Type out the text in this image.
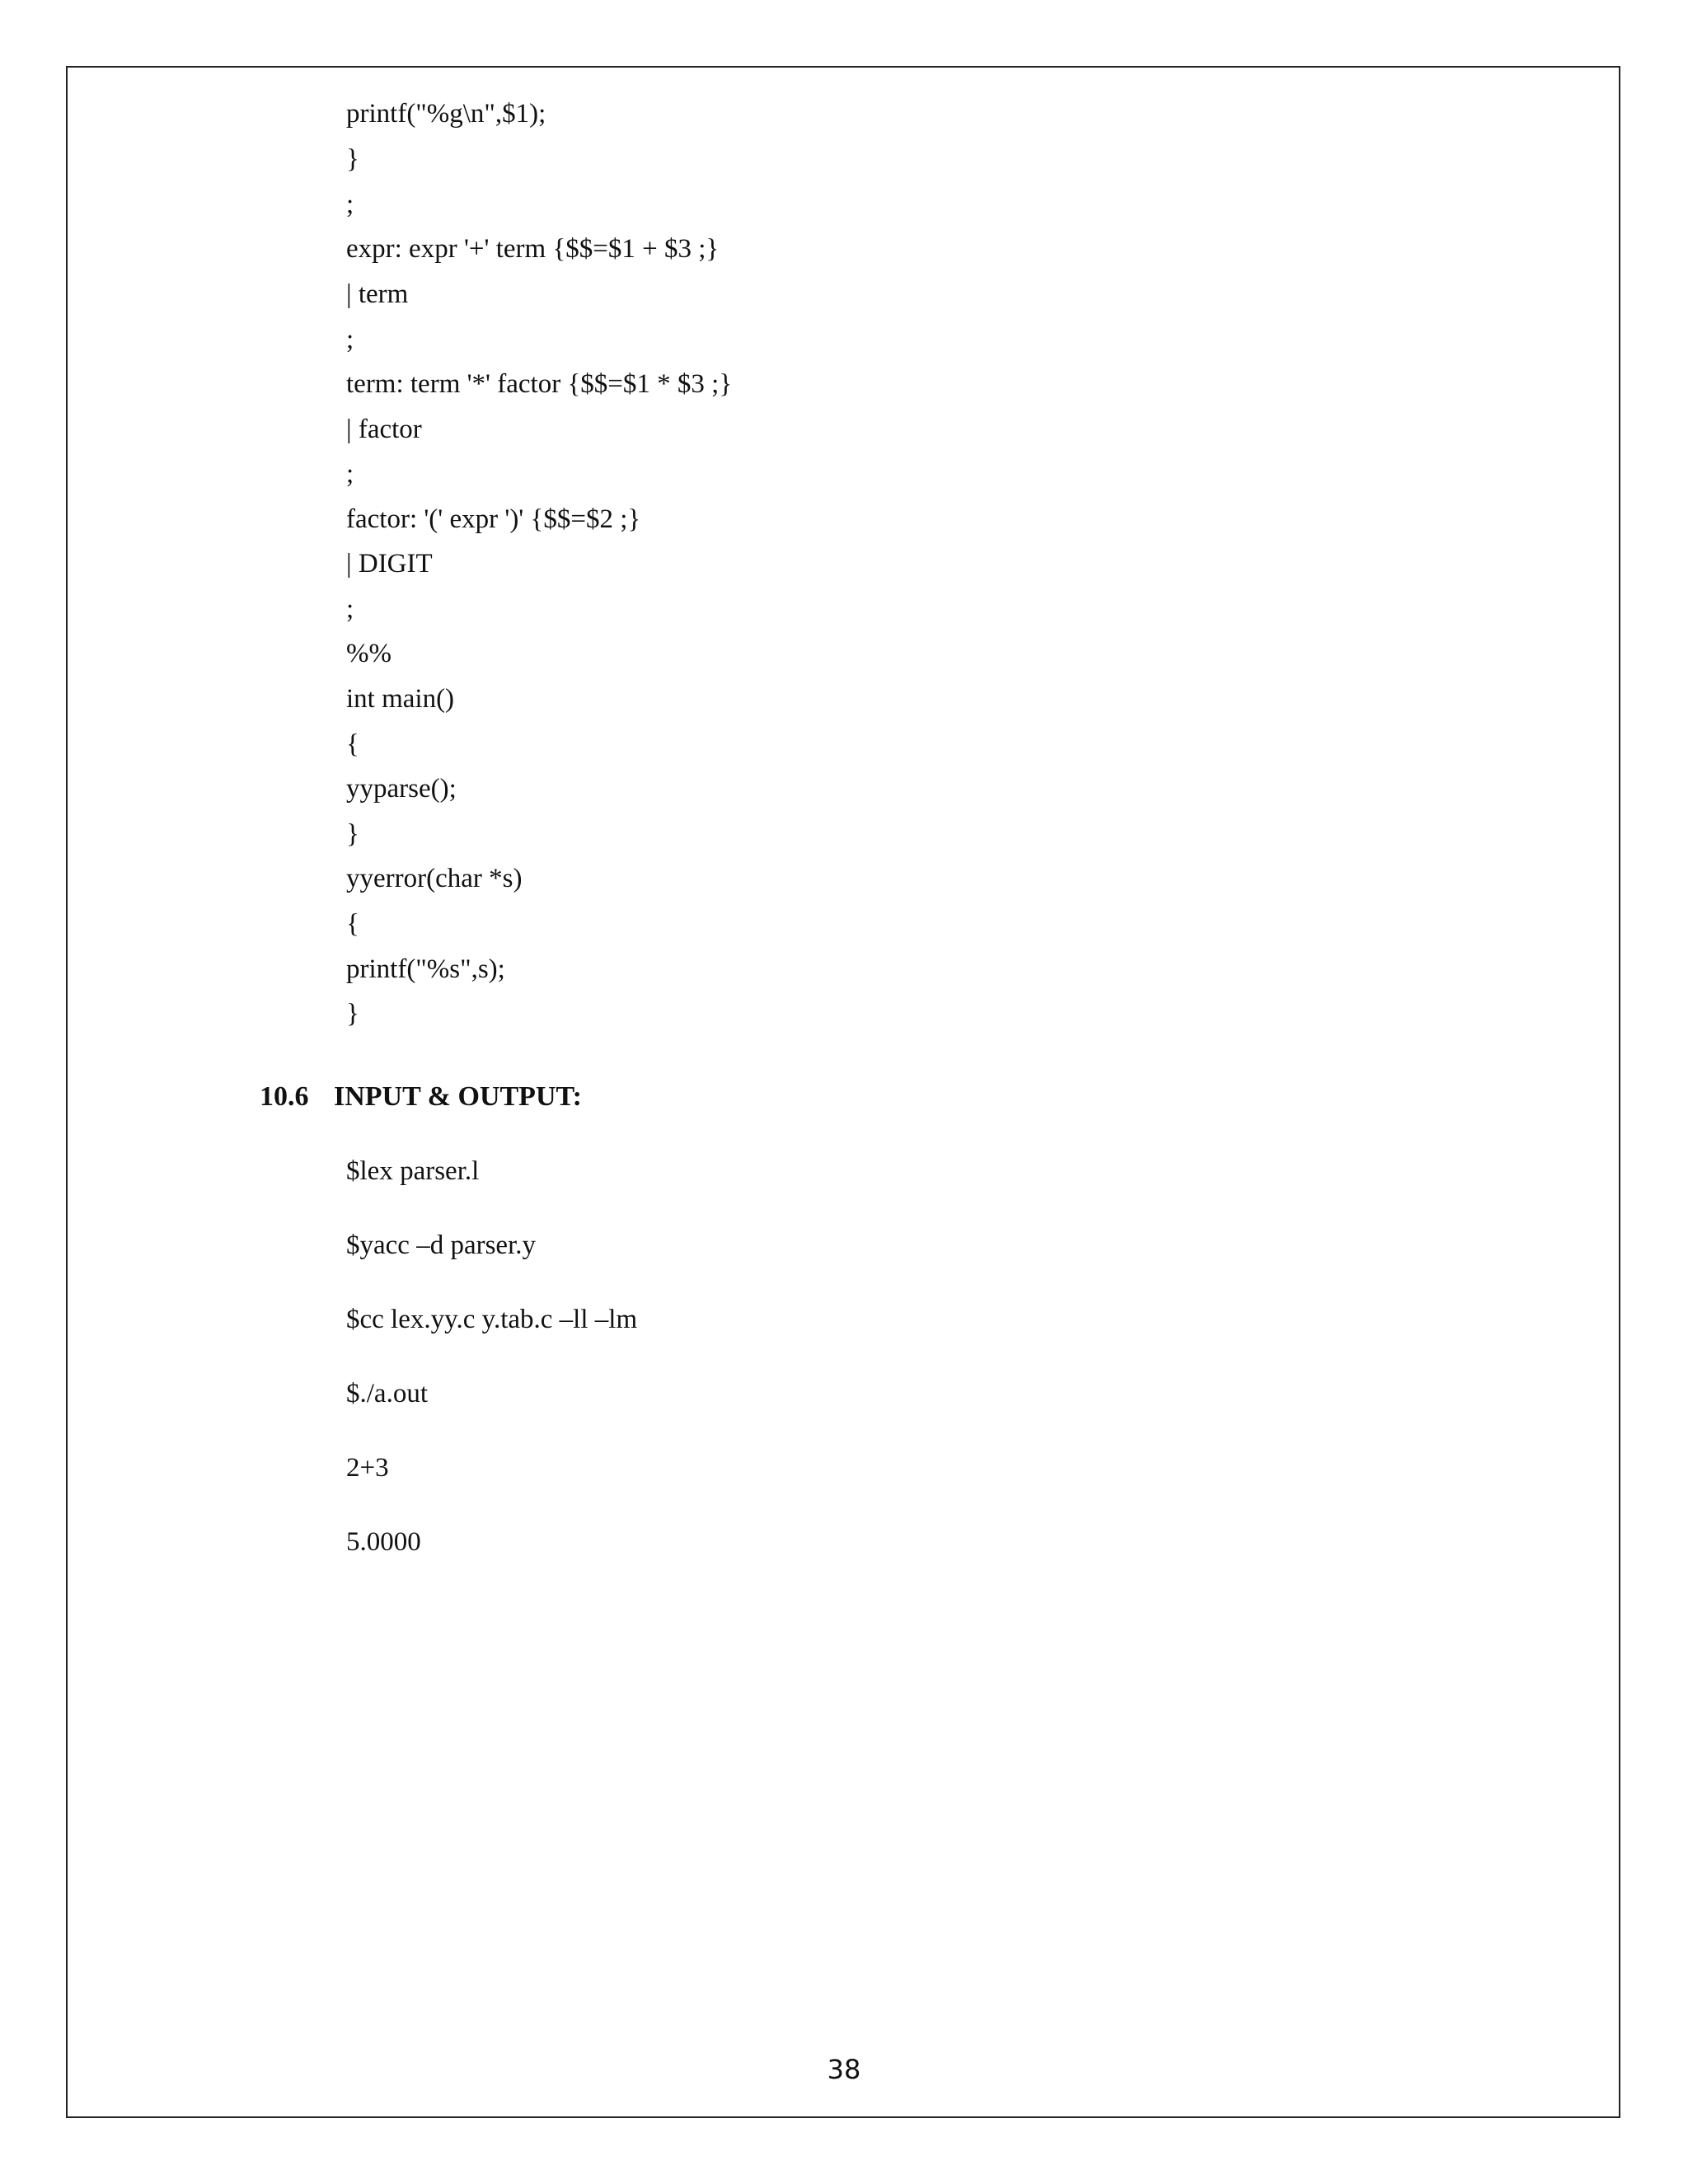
printf("%g\n",$1);
}
;
expr: expr '+' term {$$=$1 + $3 ;}
| term
;
term: term '*' factor {$$=$1 * $3 ;}
| factor
;
factor: '(' expr ')' {$$=$2 ;}
| DIGIT
;
%%
int main()
{
yyparse();
}
yyerror(char *s)
{
printf("%s",s);
}
10.6 INPUT & OUTPUT:
$lex parser.l
$yacc –d parser.y
$cc lex.yy.c y.tab.c –ll –lm
$./a.out
2+3
5.0000
38
